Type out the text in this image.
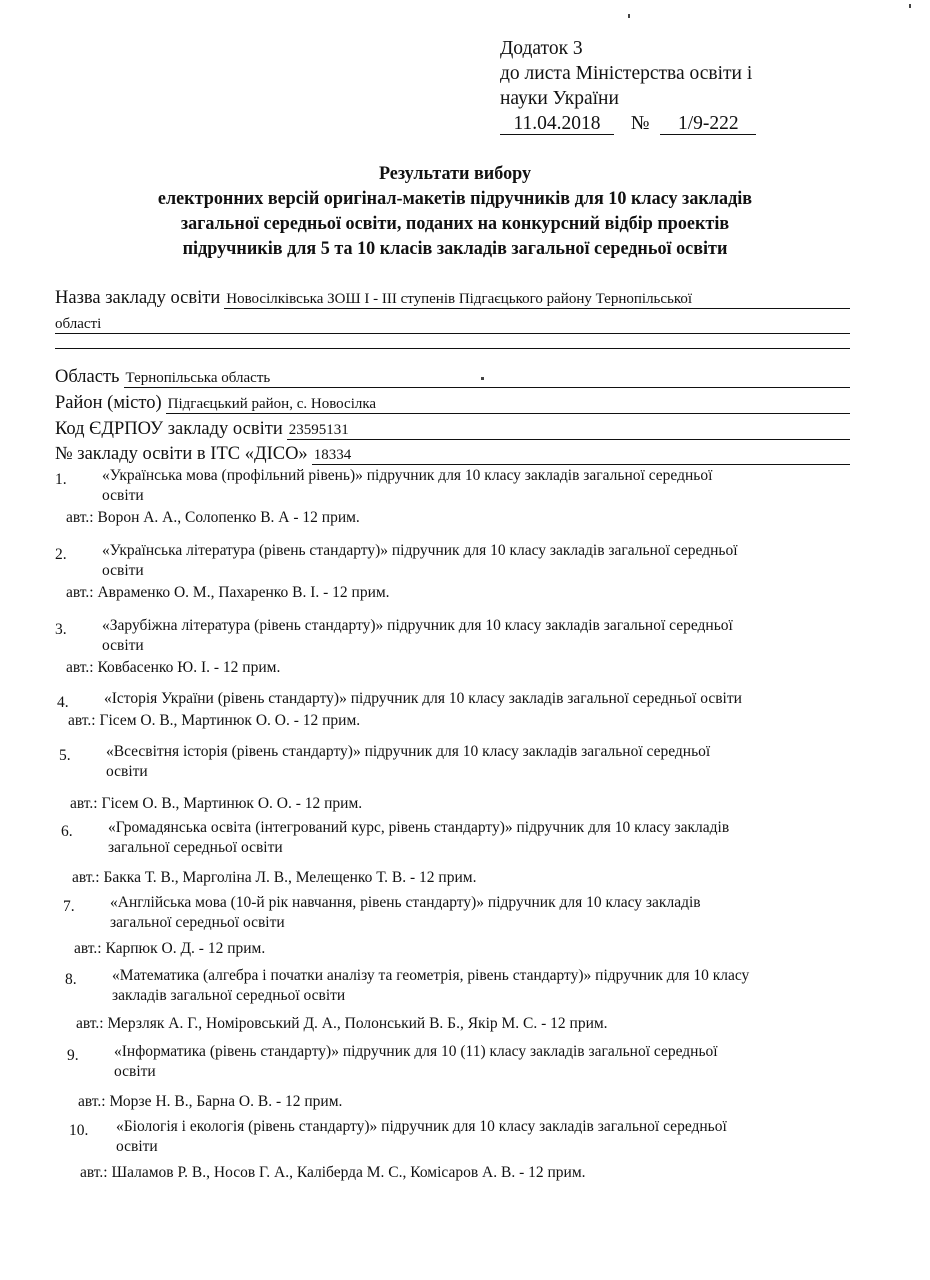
Додаток 3
до листа Міністерства освіти і
науки України
11.04.2018 № 1/9-222
Результати вибору
електронних версій оригінал-макетів підручників для 10 класу закладів
загальної середньої освіти, поданих на конкурсний відбір проектів
підручників для 5 та 10 класів закладів загальної середньої освіти
Назва закладу освіти Новосілківська ЗОШ І - ІІІ ступенів Підгаєцького району Тернопільської
області
Область Тернопільська область
Район (місто) Підгаєцький район, с. Новосілка
Код ЄДРПОУ закладу освіти 23595131
№ закладу освіти в ІТС «ДІСО» 18334
1. «Українська мова (профільний рівень)» підручник для 10 класу закладів загальної середньої
освіти
авт.: Ворон А. А., Солопенко В. А - 12 прим.
2. «Українська література (рівень стандарту)» підручник для 10 класу закладів загальної середньої
освіти
авт.: Авраменко О. М., Пахаренко В. І. - 12 прим.
3. «Зарубіжна література (рівень стандарту)» підручник для 10 класу закладів загальної середньої
освіти
авт.: Ковбасенко Ю. І. - 12 прим.
4. «Історія України (рівень стандарту)» підручник для 10 класу закладів загальної середньої освіти
авт.: Гісем О. В., Мартинюк О. О. - 12 прим.
5. «Всесвітня історія (рівень стандарту)» підручник для 10 класу закладів загальної середньої
освіти
авт.: Гісем О. В., Мартинюк О. О. - 12 прим.
6. «Громадянська освіта (інтегрований курс, рівень стандарту)» підручник для 10 класу закладів
загальної середньої освіти
авт.: Бакка Т. В., Марголіна Л. В., Мелещенко Т. В. - 12 прим.
7. «Англійська мова (10-й рік навчання, рівень стандарту)» підручник для 10 класу закладів
загальної середньої освіти
авт.: Карпюк О. Д. - 12 прим.
8. «Математика (алгебра і початки аналізу та геометрія, рівень стандарту)» підручник для 10 класу
закладів загальної середньої освіти
авт.: Мерзляк А. Г., Номіровський Д. А., Полонський В. Б., Якір М. С. - 12 прим.
9. «Інформатика (рівень стандарту)» підручник для 10 (11) класу закладів загальної середньої
освіти
авт.: Морзе Н. В., Барна О. В. - 12 прим.
10. «Біологія і екологія (рівень стандарту)» підручник для 10 класу закладів загальної середньої
освіти
авт.: Шаламов Р. В., Носов Г. А., Каліберда М. С., Комісаров А. В. - 12 прим.
